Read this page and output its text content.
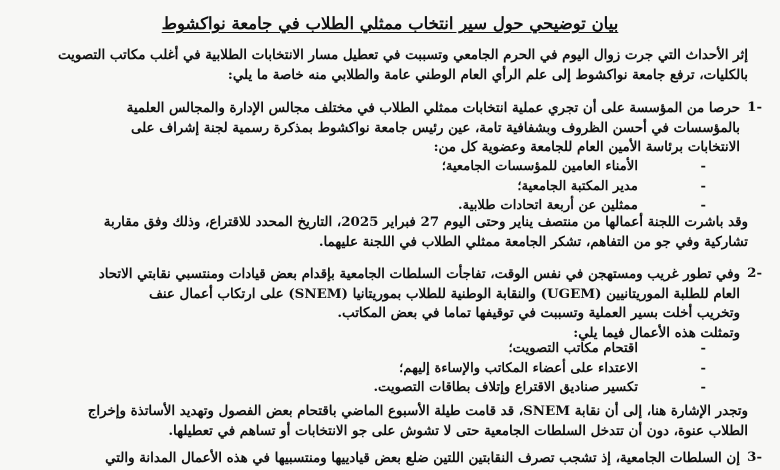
بيان توضيحي حول سير انتخاب ممثلي الطلاب في جامعة نواكشوط

إثر الأحداث التي جرت زوال اليوم في الحرم الجامعي وتسببت في تعطيل مسار الانتخابات الطلابية في أغلب مكاتب التصويت

بالكليات، ترفع جامعة نواكشوط إلى علم الرأي العام الوطني عامة والطلابي منه خاصة ما يلي:

-1

حرصا من المؤسسة على أن تجري عملية انتخابات ممثلي الطلاب في مختلف مجالس الإدارة والمجالس العلمية

بالمؤسسات في أحسن الظروف وبشفافية تامة، عين رئيس جامعة نواكشوط بمذكرة رسمية لجنة إشراف على

الانتخابات برئاسة الأمين العام للجامعة وعضوية كل من:

الأمناء العامين للمؤسسات الجامعية؛ -
مدير المكتبة الجامعية؛ -
ممثلين عن أربعة اتحادات طلابية. -

وقد باشرت اللجنة أعمالها من منتصف يناير وحتى اليوم 27 فبراير 2025، التاريخ المحدد للاقتراع، وذلك وفق مقاربة

تشاركية وفي جو من التفاهم، تشكر الجامعة ممثلي الطلاب في اللجنة عليهما.

-2

وفي تطور غريب ومستهجن في نفس الوقت، تفاجأت السلطات الجامعية بإقدام بعض قيادات ومنتسبي نقابتي الاتحاد

العام للطلبة الموريتانيين (UGEM) والنقابة الوطنية للطلاب بموريتانيا (SNEM) على ارتكاب أعمال عنف

وتخريب أخلت بسير العملية وتسببت في توقيفها تماما في بعض المكاتب.

وتمثلت هذه الأعمال فيما يلي:

اقتحام مكاتب التصويت؛ -
الاعتداء على أعضاء المكاتب والإساءة إليهم؛ -
تكسير صناديق الاقتراع وإتلاف بطاقات التصويت. -

وتجدر الإشارة هنا، إلى أن نقابة SNEM، قد قامت طيلة الأسبوع الماضي باقتحام بعض الفصول وتهديد الأساتذة وإخراج

الطلاب عنوة، دون أن تتدخل السلطات الجامعية حتى لا تشوش على جو الانتخابات أو تساهم في تعطيلها.

-3

إن السلطات الجامعية، إذ تشجب تصرف النقابتين اللتين ضلع بعض قيادييها ومنتسبيها في هذه الأعمال المدانة والتي
